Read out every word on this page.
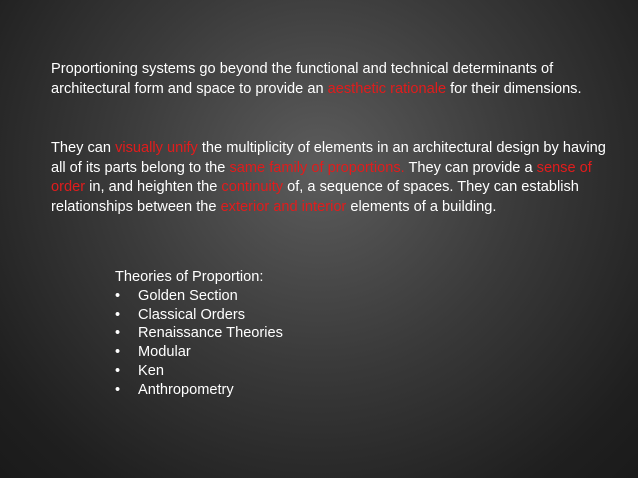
Proportioning systems go beyond the functional and technical determinants of architectural form and space to provide an aesthetic rationale for their dimensions.

They can visually unify the multiplicity of elements in an architectural design by having all of its parts belong to the same family of proportions. They can provide a sense of order in, and heighten the continuity of, a sequence of spaces. They can establish relationships between the exterior and interior elements of a building.

Theories of Proportion:

• Golden Section
• Classical Orders
• Renaissance Theories
• Modular
• Ken
• Anthropometry
